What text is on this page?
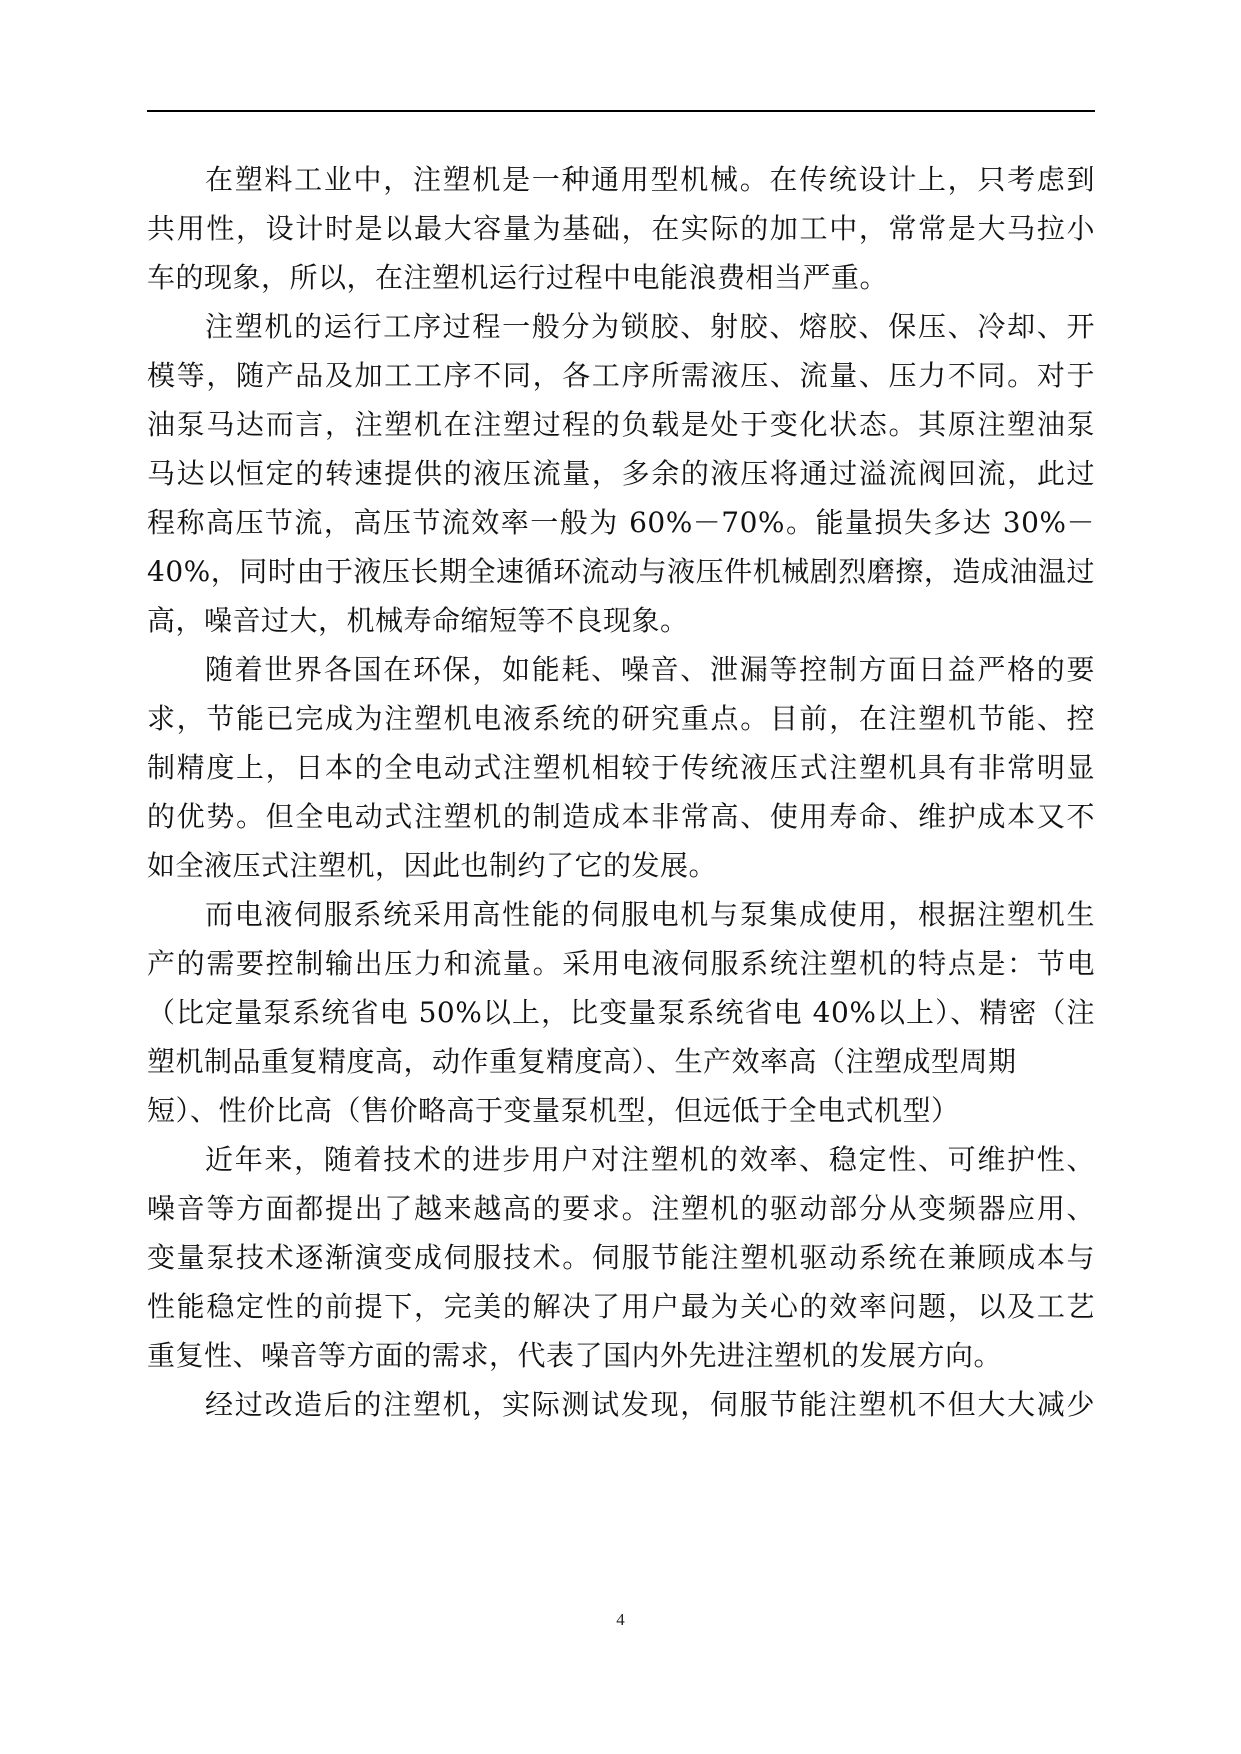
在塑料工业中，注塑机是一种通用型机械。在传统设计上，只考虑到
共用性，设计时是以最大容量为基础，在实际的加工中，常常是大马拉小
车的现象，所以，在注塑机运行过程中电能浪费相当严重。
注塑机的运行工序过程一般分为锁胶、射胶、熔胶、保压、冷却、开
模等，随产品及加工工序不同，各工序所需液压、流量、压力不同。对于
油泵马达而言，注塑机在注塑过程的负载是处于变化状态。其原注塑油泵
马达以恒定的转速提供的液压流量，多余的液压将通过溢流阀回流，此过
程称高压节流，高压节流效率一般为 60%－70%。能量损失多达 30%－
40%，同时由于液压长期全速循环流动与液压件机械剧烈磨擦，造成油温过
高，噪音过大，机械寿命缩短等不良现象。
随着世界各国在环保，如能耗、噪音、泄漏等控制方面日益严格的要
求，节能已完成为注塑机电液系统的研究重点。目前，在注塑机节能、控
制精度上，日本的全电动式注塑机相较于传统液压式注塑机具有非常明显
的优势。但全电动式注塑机的制造成本非常高、使用寿命、维护成本又不
如全液压式注塑机，因此也制约了它的发展。
而电液伺服系统采用高性能的伺服电机与泵集成使用，根据注塑机生
产的需要控制输出压力和流量。采用电液伺服系统注塑机的特点是：节电
（比定量泵系统省电 50%以上，比变量泵系统省电 40%以上）、精密（注
塑机制品重复精度高，动作重复精度高）、生产效率高（注塑成型周期
短）、性价比高（售价略高于变量泵机型，但远低于全电式机型）
近年来，随着技术的进步用户对注塑机的效率、稳定性、可维护性、
噪音等方面都提出了越来越高的要求。注塑机的驱动部分从变频器应用、
变量泵技术逐渐演变成伺服技术。伺服节能注塑机驱动系统在兼顾成本与
性能稳定性的前提下，完美的解决了用户最为关心的效率问题，以及工艺
重复性、噪音等方面的需求，代表了国内外先进注塑机的发展方向。
经过改造后的注塑机，实际测试发现，伺服节能注塑机不但大大减少
4
